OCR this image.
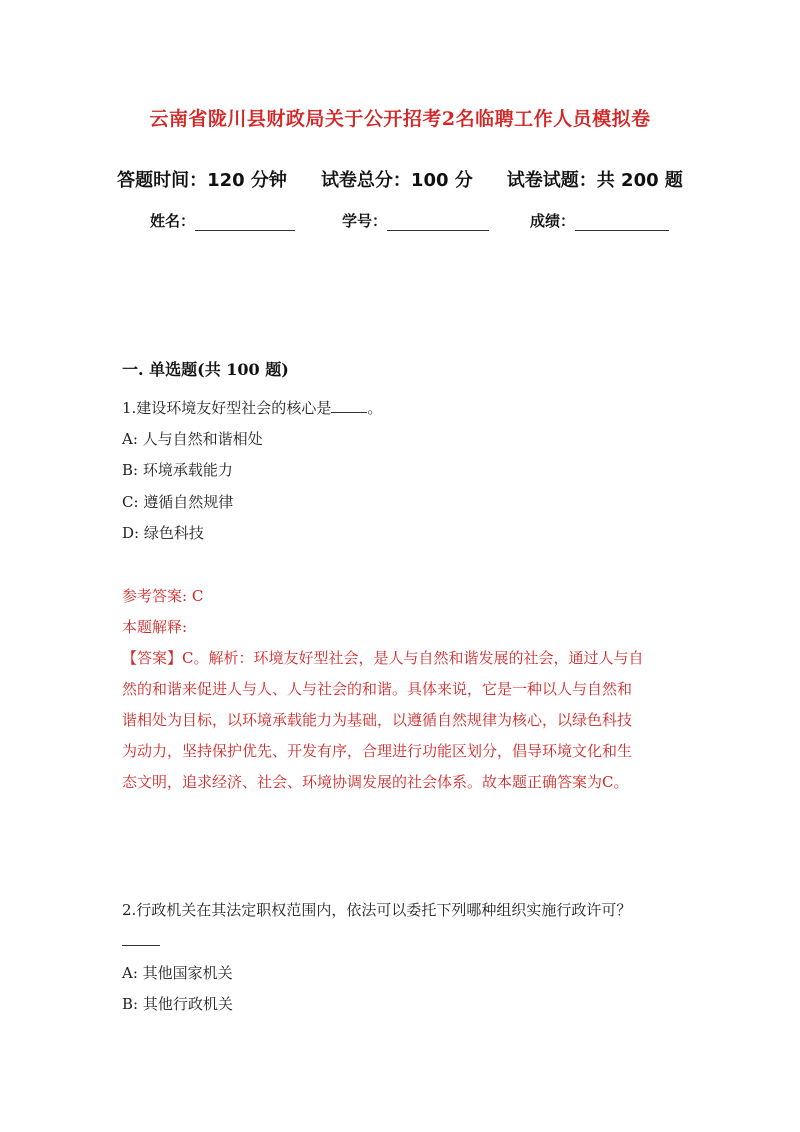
云南省陇川县财政局关于公开招考2名临聘工作人员模拟卷
答题时间：120 分钟 试卷总分：100 分 试卷试题：共 200 题
姓名：	学号：	成绩：
一. 单选题(共 100 题)
1.建设环境友好型社会的核心是 。
A: 人与自然和谐相处
B: 环境承载能力
C: 遵循自然规律
D: 绿色科技
参考答案: C
本题解释:
【答案】C。解析：环境友好型社会，是人与自然和谐发展的社会，通过人与自
然的和谐来促进人与人、人与社会的和谐。具体来说，它是一种以人与自然和
谐相处为目标，以环境承载能力为基础，以遵循自然规律为核心，以绿色科技
为动力，坚持保护优先、开发有序，合理进行功能区划分，倡导环境文化和生
态文明，追求经济、社会、环境协调发展的社会体系。故本题正确答案为C。
2.行政机关在其法定职权范围内，依法可以委托下列哪种组织实施行政许可？
A: 其他国家机关
B: 其他行政机关
